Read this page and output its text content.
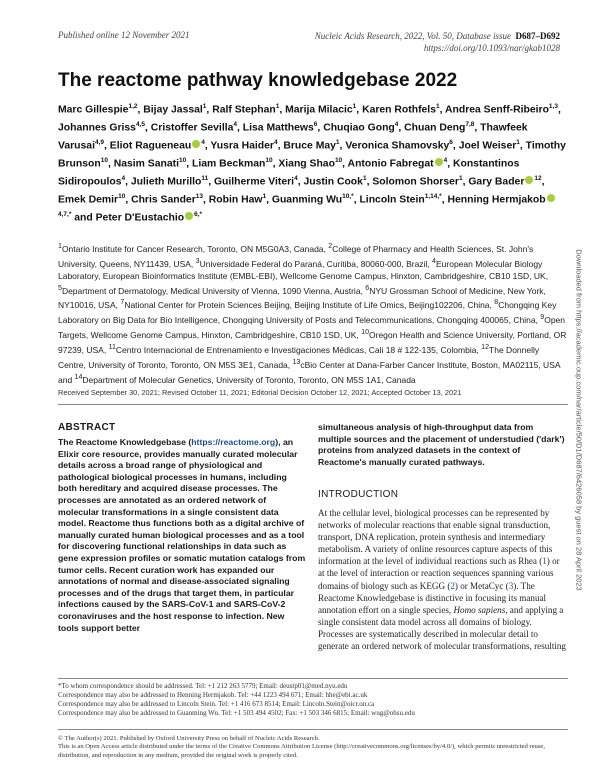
Published online 12 November 2021	Nucleic Acids Research, 2022, Vol. 50, Database issue D687–D692
https://doi.org/10.1093/nar/gkab1028
Downloaded from https://academic.oup.com/nar/article/50/D1/D687/6426058 by guest on 28 April 2023
The reactome pathway knowledgebase 2022
Marc Gillespie$^{1,2}$, Bijay Jassal$^1$, Ralf Stephan$^1$, Marija Milacic$^1$, Karen Rothfels$^1$, Andrea Senff-Ribeiro$^{1,3}$, Johannes Griss$^{4,5}$, Cristoffer Sevilla$^4$, Lisa Matthews$^6$, Chuqiao Gong$^4$, Chuan Deng$^{7,8}$, Thawfeek Varusai$^{4,9}$, Eliot Ragueneau $^4$, Yusra Haider$^4$, Bruce May$^1$, Veronica Shamovsky$^6$, Joel Weiser$^1$, Timothy Brunson$^{10}$, Nasim Sanati$^{10}$, Liam Beckman$^{10}$, Xiang Shao$^{10}$, Antonio Fabregat $^4$, Konstantinos Sidiropoulos$^4$, Julieth Murillo$^{11}$, Guilherme Viteri$^4$, Justin Cook$^1$, Solomon Shorser$^1$, Gary Bader $^{12}$, Emek Demir$^{10}$, Chris Sander$^{13}$, Robin Haw$^1$, Guanming $Wu^{10,*}$, Lincoln Stein$^{1,14,*}$, Henning Hermjakob$^{4,7,*}$ and Peter D'Eustachio $^{6,*}$
$^1$Ontario Institute for Cancer Research, Toronto, ON M5G0A3, Canada, $^2$College of Pharmacy and Health Sciences, St. John's University, Queens, NY11439, USA, $^3$Universidade Federal do Paraná, Curitiba, 80060-000, Brazil, $^4$European Molecular Biology Laboratory, European Bioinformatics Institute (EMBL-EBI), Wellcome Genome Campus, Hinxton, Cambridgeshire, CB10 1SD, UK, $^5$Department of Dermatology, Medical University of Vienna, 1090 Vienna, Austria, $^6$NYU Grossman School of Medicine, New York, NY10016, USA, $^7$National Center for Protein Sciences Beijing, Beijing Institute of Life Omics, Beijing102206, China, $^8$Chongqing Key Laboratory on Big Data for Bio Intelligence, Chongqing University of Posts and Telecommunications, Chongqing 400065, China, $^9$Open Targets, Wellcome Genome Campus, Hinxton, Cambridgeshire, CB10 1SD, UK, $^{10}$Oregon Health and Science University, Portland, OR 97239, USA, $^{11}$Centro Internacional de Entrenamiento e Investigaciones Médicas, Cali 18 # 122-135, Colombia, $^{12}$The Donnelly Centre, University of Toronto, Toronto, ON M5S 3E1, Canada, $^{13}$cBio Center at Dana-Farber Cancer Institute, Boston, MA02115, USA and $^{14}$Department of Molecular Genetics, University of Toronto, Toronto, ON M5S 1A1, Canada
Received September 30, 2021; Revised October 11, 2021; Editorial Decision October 12, 2021; Accepted October 13, 2021
ABSTRACT
The Reactome Knowledgebase (https://reactome.org), an Elixir core resource, provides manually curated molecular details across a broad range of physiological and pathological biological processes in humans, including both hereditary and acquired disease processes. The processes are annotated as an ordered network of molecular transformations in a single consistent data model. Reactome thus functions both as a digital archive of manually curated human biological processes and as a tool for discovering functional relationships in data such as gene expression profiles or somatic mutation catalogs from tumor cells. Recent curation work has expanded our annotations of normal and disease-associated signaling processes and of the drugs that target them, in particular infections caused by the SARS-CoV-1 and SARS-CoV-2 coronaviruses and the host response to infection. New tools support better
simultaneous analysis of high-throughput data from multiple sources and the placement of understudied ('dark') proteins from analyzed datasets in the context of Reactome's manually curated pathways.
INTRODUCTION
At the cellular level, biological processes can be represented by networks of molecular reactions that enable signal transduction, transport, DNA replication, protein synthesis and intermediary metabolism. A variety of online resources capture aspects of this information at the level of individual reactions such as Rhea (1) or at the level of interaction or reaction sequences spanning various domains of biology such as KEGG (2) or MetaCyc (3). The Reactome Knowledgebase is distinctive in focusing its manual annotation effort on a single species, Homo sapiens, and applying a single consistent data model across all domains of biology. Processes are systematically described in molecular detail to generate an ordered network of molecular transformations, resulting
*To whom correspondence should be addressed. Tel: +1 212 263 5779; Email: deustp01@med.nyu.edu
Correspondence may also be addressed to Henning Hermjakob. Tel: +44 1223 494 671; Email: hhe@ebi.ac.uk
Correspondence may also be addressed to Lincoln Stein. Tel: +1 416 673 8514; Email: Lincoln.Stein@oicr.on.ca
Correspondence may also be addressed to Guanming Wu. Tel: +1 503 494 4502; Fax: +1 503 346 6815; Email: wug@ohsu.edu
© The Author(s) 2021. Published by Oxford University Press on behalf of Nucleic Acids Research.
This is an Open Access article distributed under the terms of the Creative Commons Attribution License (http://creativecommons.org/licenses/by/4.0/), which permits unrestricted reuse, distribution, and reproduction in any medium, provided the original work is properly cited.
